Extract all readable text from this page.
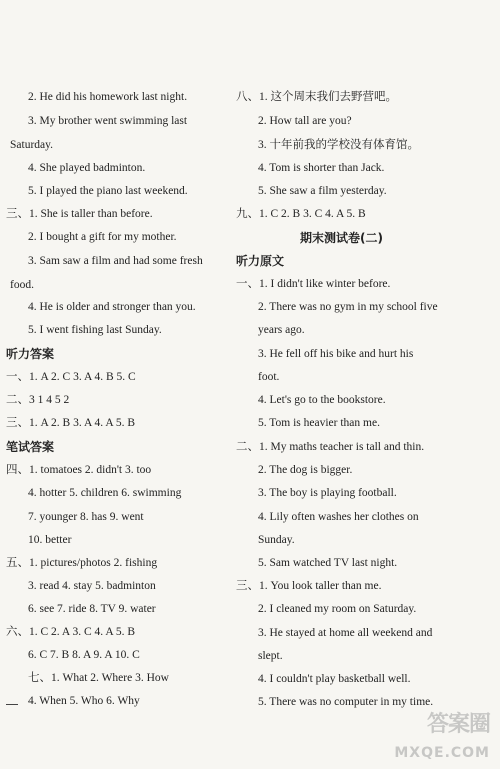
2. He did his homework last night.
3. My brother went swimming last
Saturday.
4. She played badminton.
5. I played the piano last weekend.
三、1. She is taller than before.
2. I bought a gift for my mother.
3. Sam saw a film and had some fresh
food.
4. He is older and stronger than you.
5. I went fishing last Sunday.
听力答案
一、1. A 2. C 3. A 4. B 5. C
二、3 1 4 5 2
三、1. A 2. B 3. A 4. A 5. B
笔试答案
四、1. tomatoes 2. didn't 3. too
4. hotter 5. children 6. swimming
7. younger 8. has 9. went
10. better
五、1. pictures/photos 2. fishing
3. read 4. stay 5. badminton
6. see 7. ride 8. TV 9. water
六、1. C 2. A 3. C 4. A 5. B
6. C 7. B 8. A 9. A 10. C
七、1. What 2. Where 3. How
4. When 5. Who 6. Why
八、1. 这个周末我们去野营吧。
2. How tall are you?
3. 十年前我的学校没有体育馆。
4. Tom is shorter than Jack.
5. She saw a film yesterday.
九、1. C 2. B 3. C 4. A 5. B
期末测试卷(二)
听力原文
一、1. I didn't like winter before.
2. There was no gym in my school five
years ago.
3. He fell off his bike and hurt his
foot.
4. Let's go to the bookstore.
5. Tom is heavier than me.
二、1. My maths teacher is tall and thin.
2. The dog is bigger.
3. The boy is playing football.
4. Lily often washes her clothes on
Sunday.
5. Sam watched TV last night.
三、1. You look taller than me.
2. I cleaned my room on Saturday.
3. He stayed at home all weekend and
slept.
4. I couldn't play basketball well.
5. There was no computer in my time.
答案圈
MXQE.COM
